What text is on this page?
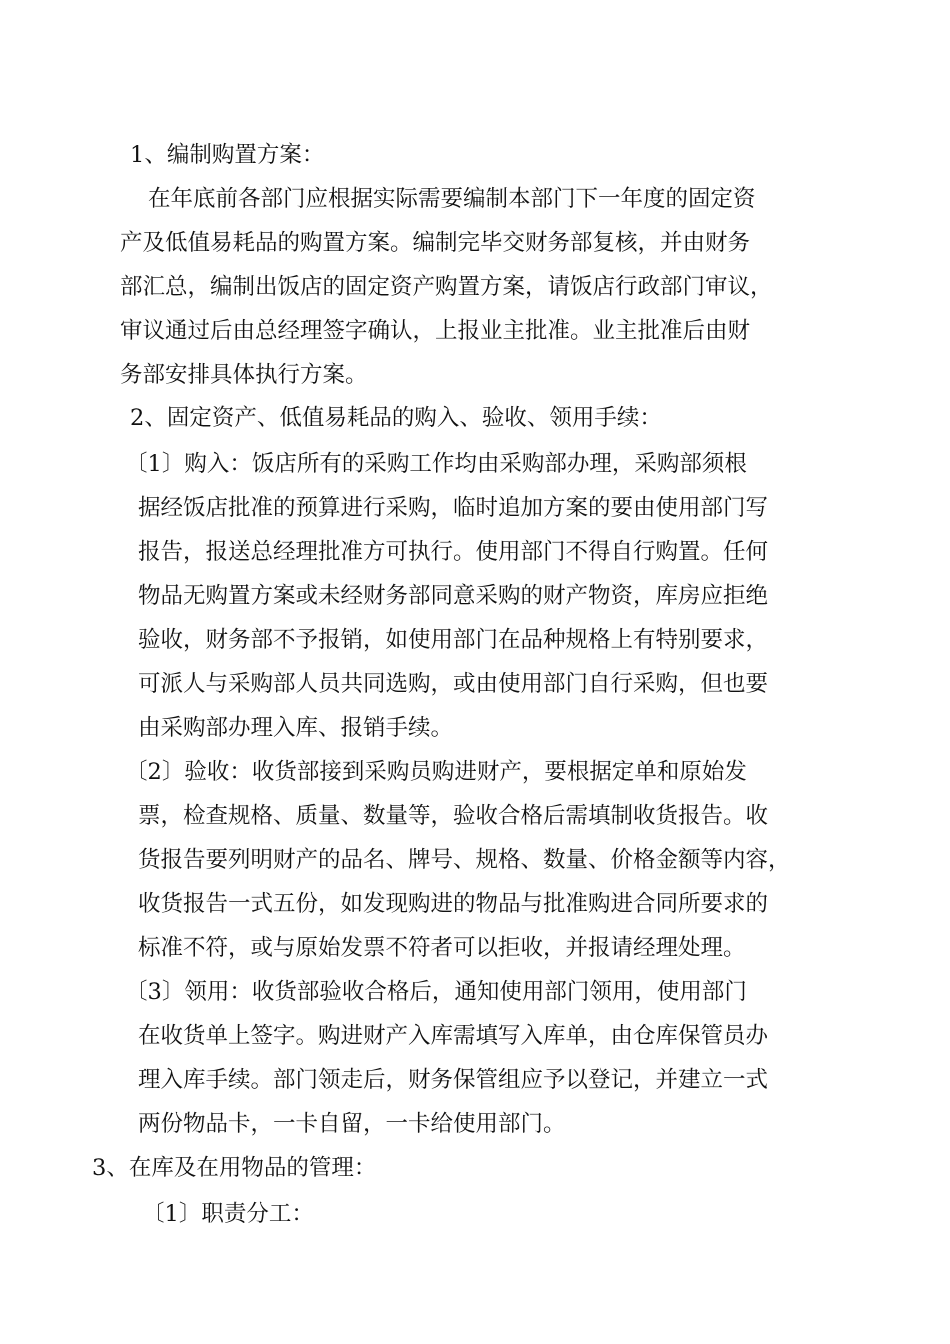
1、编制购置方案：

在年底前各部门应根据实际需要编制本部门下一年度的固定资

产及低值易耗品的购置方案。编制完毕交财务部复核，并由财务

部汇总，编制出饭店的固定资产购置方案，请饭店行政部门审议，

审议通过后由总经理签字确认，上报业主批准。业主批准后由财

务部安排具体执行方案。

2、固定资产、低值易耗品的购入、验收、领用手续：

〔1〕购入：饭店所有的采购工作均由采购部办理，采购部须根

据经饭店批准的预算进行采购，临时追加方案的要由使用部门写

报告，报送总经理批准方可执行。使用部门不得自行购置。任何

物品无购置方案或未经财务部同意采购的财产物资，库房应拒绝

验收，财务部不予报销，如使用部门在品种规格上有特别要求，

可派人与采购部人员共同选购，或由使用部门自行采购，但也要

由采购部办理入库、报销手续。

〔2〕验收：收货部接到采购员购进财产，要根据定单和原始发

票，检查规格、质量、数量等，验收合格后需填制收货报告。收

货报告要列明财产的品名、牌号、规格、数量、价格金额等内容，

收货报告一式五份，如发现购进的物品与批准购进合同所要求的

标准不符，或与原始发票不符者可以拒收，并报请经理处理。

〔3〕领用：收货部验收合格后，通知使用部门领用，使用部门

在收货单上签字。购进财产入库需填写入库单，由仓库保管员办

理入库手续。部门领走后，财务保管组应予以登记，并建立一式

两份物品卡，一卡自留，一卡给使用部门。

3、在库及在用物品的管理：

〔1〕职责分工：
